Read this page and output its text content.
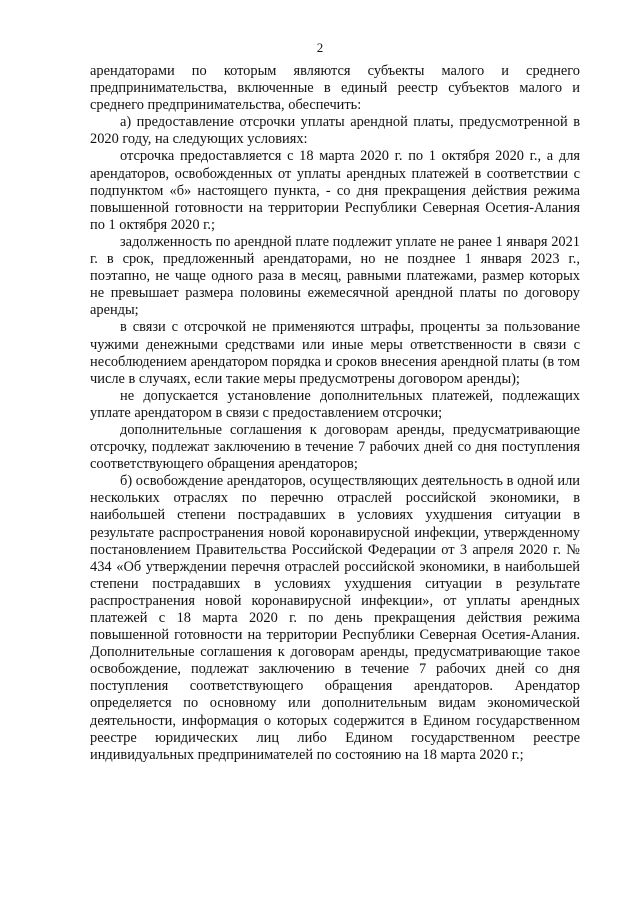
2

арендаторами по которым являются субъекты малого и среднего предпринимательства, включенные в единый реестр субъектов малого и среднего предпринимательства, обеспечить:

а) предоставление отсрочки уплаты арендной платы, предусмотренной в 2020 году, на следующих условиях:

отсрочка предоставляется с 18 марта 2020 г. по 1 октября 2020 г., а для арендаторов, освобожденных от уплаты арендных платежей в соответствии с подпунктом «б» настоящего пункта, - со дня прекращения действия режима повышенной готовности на территории Республики Северная Осетия-Алания по 1 октября 2020 г.;

задолженность по арендной плате подлежит уплате не ранее 1 января 2021 г. в срок, предложенный арендаторами, но не позднее 1 января 2023 г., поэтапно, не чаще одного раза в месяц, равными платежами, размер которых не превышает размера половины ежемесячной арендной платы по договору аренды;

в связи с отсрочкой не применяются штрафы, проценты за пользование чужими денежными средствами или иные меры ответственности в связи с несоблюдением арендатором порядка и сроков внесения арендной платы (в том числе в случаях, если такие меры предусмотрены договором аренды);

не допускается установление дополнительных платежей, подлежащих уплате арендатором в связи с предоставлением отсрочки;

дополнительные соглашения к договорам аренды, предусматривающие отсрочку, подлежат заключению в течение 7 рабочих дней со дня поступления соответствующего обращения арендаторов;

б) освобождение арендаторов, осуществляющих деятельность в одной или нескольких отраслях по перечню отраслей российской экономики, в наибольшей степени пострадавших в условиях ухудшения ситуации в результате распространения новой коронавирусной инфекции, утвержденному постановлением Правительства Российской Федерации от 3 апреля 2020 г. № 434 «Об утверждении перечня отраслей российской экономики, в наибольшей степени пострадавших в условиях ухудшения ситуации в результате распространения новой коронавирусной инфекции», от уплаты арендных платежей с 18 марта 2020 г. по день прекращения действия режима повышенной готовности на территории Республики Северная Осетия-Алания. Дополнительные соглашения к договорам аренды, предусматривающие такое освобождение, подлежат заключению в течение 7 рабочих дней со дня поступления соответствующего обращения арендаторов. Арендатор определяется по основному или дополнительным видам экономической деятельности, информация о которых содержится в Едином государственном реестре юридических лиц либо Едином государственном реестре индивидуальных предпринимателей по состоянию на 18 марта 2020 г.;
